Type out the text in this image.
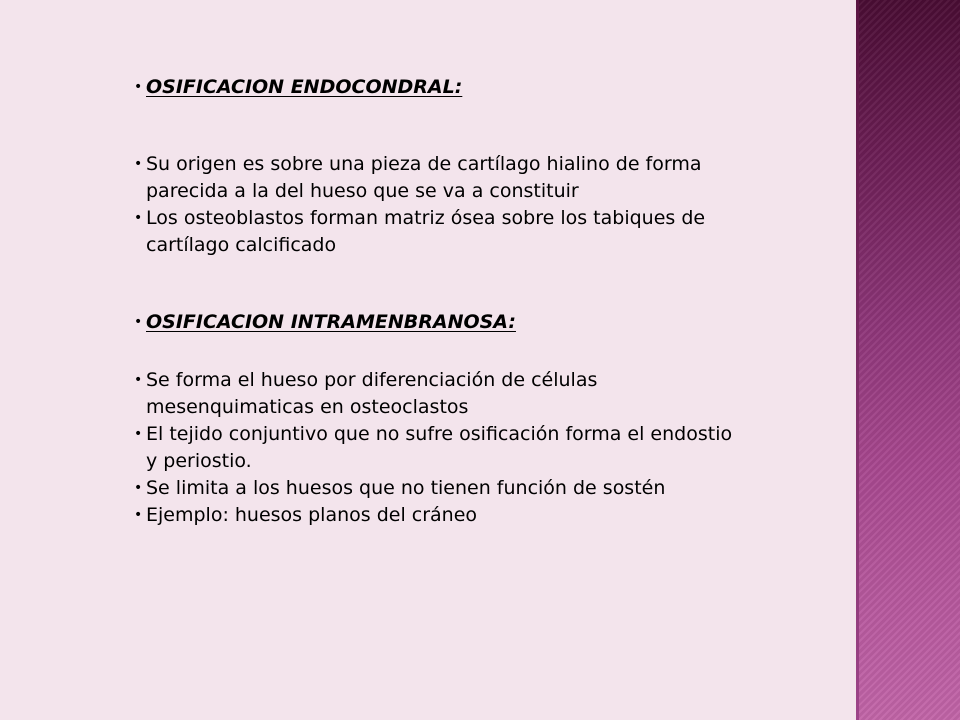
• OSIFICACION ENDOCONDRAL:
• Su origen es sobre una pieza de cartílago hialino de forma parecida a la del hueso que se va a constituir
• Los osteoblastos forman matriz ósea sobre los tabiques de cartílago calcificado
• OSIFICACION INTRAMENBRANOSA:
• Se forma el hueso por diferenciación de células mesenquimaticas en osteoclastos
• El tejido conjuntivo que no sufre osificación forma el endostio y periostio.
• Se limita a los huesos que no tienen función de sostén
• Ejemplo: huesos planos del cráneo
